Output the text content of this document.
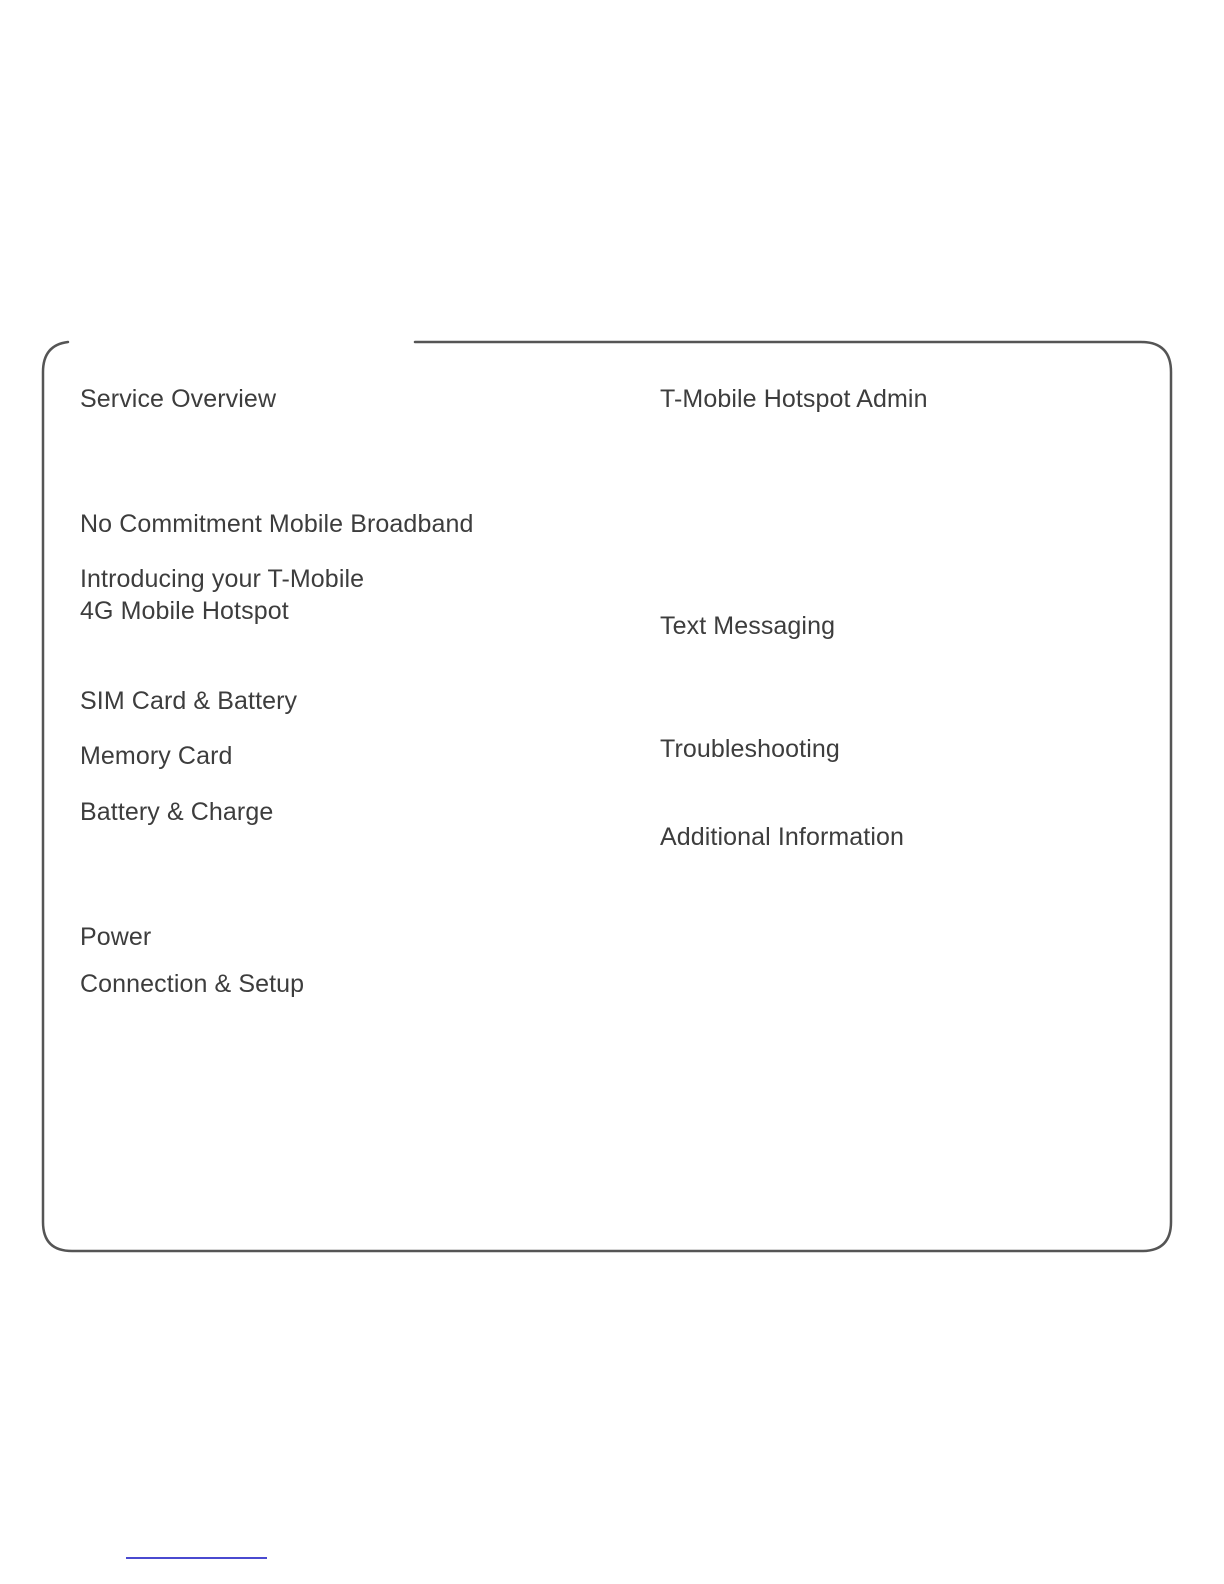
Service Overview
No Commitment Mobile Broadband
Introducing your T-Mobile
4G Mobile Hotspot
SIM Card & Battery
Memory Card
Battery & Charge
Power
Connection & Setup
T-Mobile Hotspot Admin
Text Messaging
Troubleshooting
Additional Information
